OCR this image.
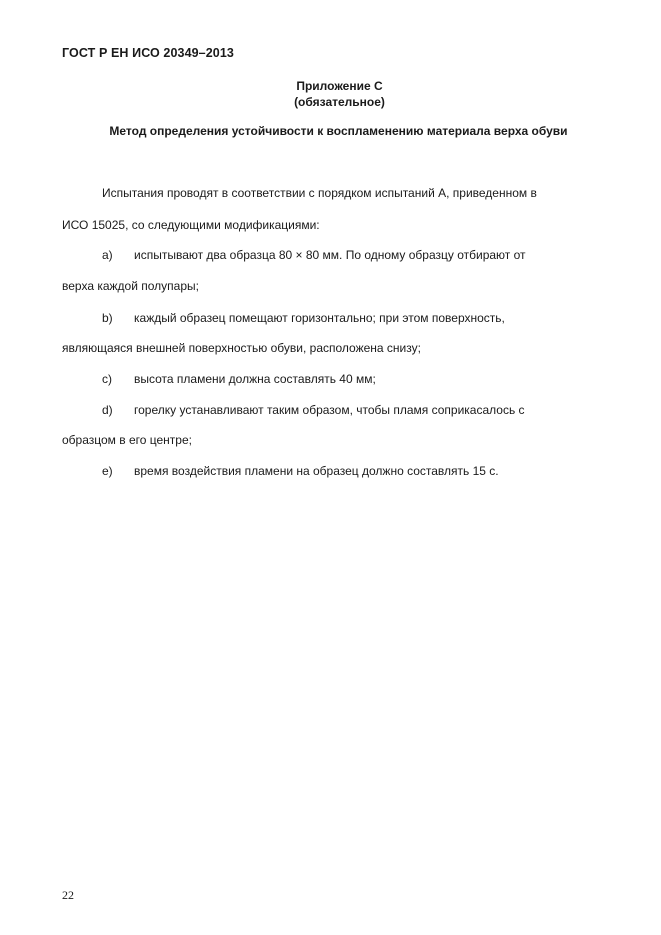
ГОСТ Р ЕН ИСО 20349–2013
Приложение С
(обязательное)
Метод определения устойчивости к воспламенению материала верха обуви
Испытания проводят в соответствии с порядком испытаний А, приведенном в
ИСО 15025, со следующими модификациями:
a) испытывают два образца 80 × 80 мм. По одному образцу отбирают от
верха каждой полупары;
b) каждый образец помещают горизонтально; при этом поверхность,
являющаяся внешней поверхностью обуви, расположена снизу;
c) высота пламени должна составлять 40 мм;
d) горелку устанавливают таким образом, чтобы пламя соприкасалось с
образцом в его центре;
e) время воздействия пламени на образец должно составлять 15 с.
22
